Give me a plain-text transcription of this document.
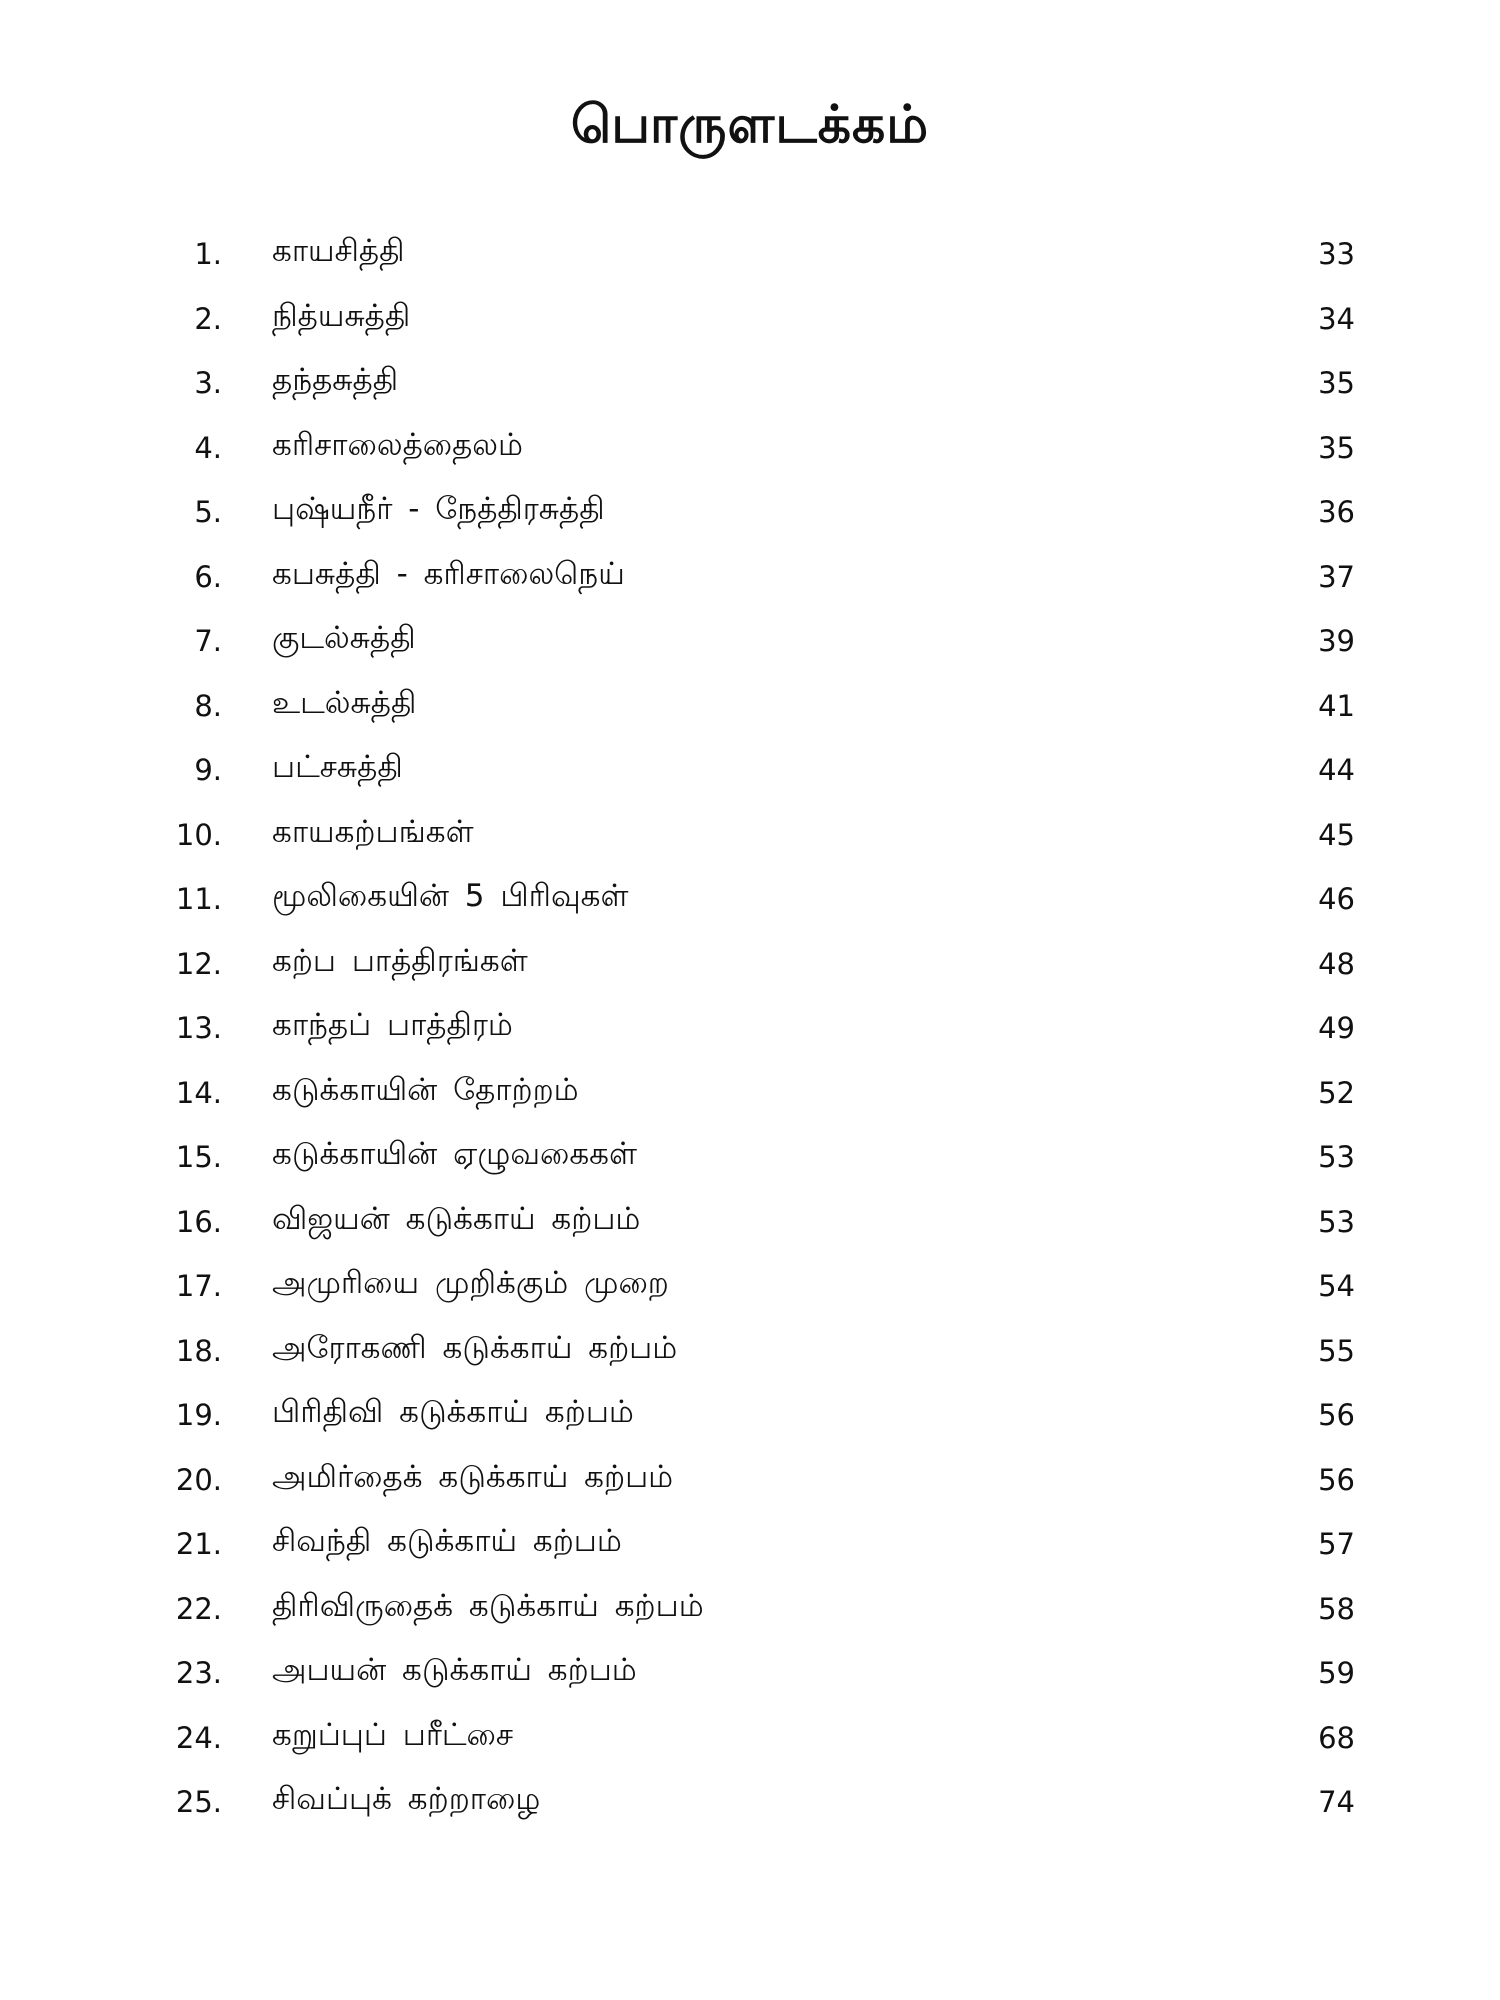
பொருளடக்கம்
1. காயசித்தி	33
2. நித்யசுத்தி	34
3. தந்தசுத்தி	35
4. கரிசாலைத்தைலம்	35
5. புஷ்யநீர் - நேத்திரசுத்தி	36
6. கபசுத்தி - கரிசாலைநெய்	37
7. குடல்சுத்தி	39
8. உடல்சுத்தி	41
9. பட்சசுத்தி	44
10. காயகற்பங்கள்	45
11. மூலிகையின் 5 பிரிவுகள்	46
12. கற்ப பாத்திரங்கள்	48
13. காந்தப் பாத்திரம்	49
14. கடுக்காயின் தோற்றம்	52
15. கடுக்காயின் ஏழுவகைகள்	53
16. விஜயன் கடுக்காய் கற்பம்	53
17. அமுரியை முறிக்கும் முறை	54
18. அரோகணி கடுக்காய் கற்பம்	55
19. பிரிதிவி கடுக்காய் கற்பம்	56
20. அமிர்தைக் கடுக்காய் கற்பம்	56
21. சிவந்தி கடுக்காய் கற்பம்	57
22. திரிவிருதைக் கடுக்காய் கற்பம்	58
23. அபயன் கடுக்காய் கற்பம்	59
24. கறுப்புப் பரீட்சை	68
25. சிவப்புக் கற்றாழை	74
